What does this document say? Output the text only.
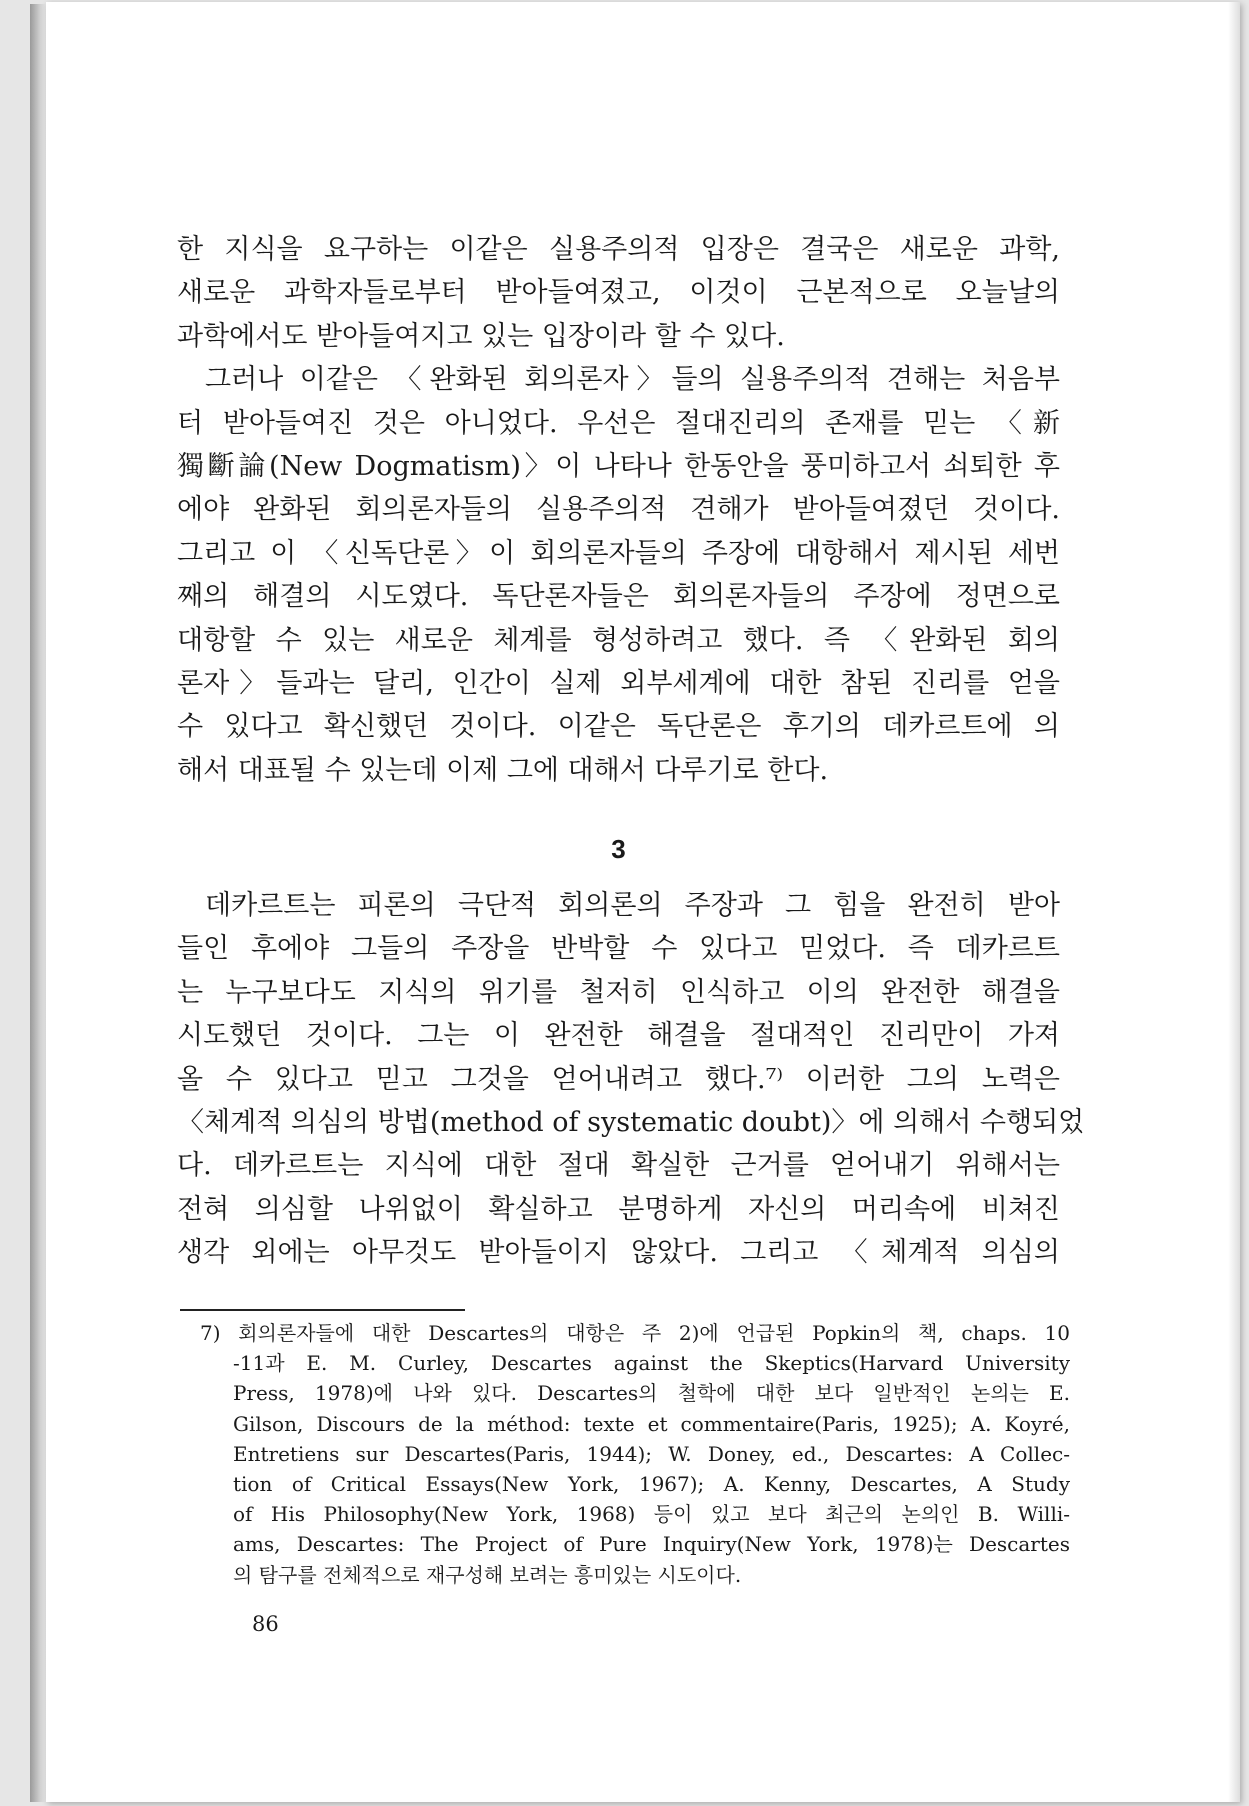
한 지식을 요구하는 이같은 실용주의적 입장은 결국은 새로운 과학,
새로운 과학자들로부터 받아들여졌고, 이것이 근본적으로 오늘날의
과학에서도 받아들여지고 있는 입장이라 할 수 있다.
그러나 이같은 〈완화된 회의론자〉들의 실용주의적 견해는 처음부
터 받아들여진 것은 아니었다. 우선은 절대진리의 존재를 믿는 〈新
獨斷論(New Dogmatism)〉이 나타나 한동안을 풍미하고서 쇠퇴한 후
에야 완화된 회의론자들의 실용주의적 견해가 받아들여졌던 것이다.
그리고 이 〈신독단론〉이 회의론자들의 주장에 대항해서 제시된 세번
째의 해결의 시도였다. 독단론자들은 회의론자들의 주장에 정면으로
대항할 수 있는 새로운 체계를 형성하려고 했다. 즉 〈완화된 회의
론자〉들과는 달리, 인간이 실제 외부세계에 대한 참된 진리를 얻을
수 있다고 확신했던 것이다. 이같은 독단론은 후기의 데카르트에 의
해서 대표될 수 있는데 이제 그에 대해서 다루기로 한다.
3
데카르트는 피론의 극단적 회의론의 주장과 그 힘을 완전히 받아
들인 후에야 그들의 주장을 반박할 수 있다고 믿었다. 즉 데카르트
는 누구보다도 지식의 위기를 철저히 인식하고 이의 완전한 해결을
시도했던 것이다. 그는 이 완전한 해결을 절대적인 진리만이 가져
올 수 있다고 믿고 그것을 얻어내려고 했다.⁷⁾ 이러한 그의 노력은
〈체계적 의심의 방법(method of systematic doubt)〉에 의해서 수행되었
다. 데카르트는 지식에 대한 절대 확실한 근거를 얻어내기 위해서는
전혀 의심할 나위없이 확실하고 분명하게 자신의 머리속에 비쳐진
생각 외에는 아무것도 받아들이지 않았다. 그리고 〈체계적 의심의
7) 회의론자들에 대한 Descartes의 대항은 주 2)에 언급된 Popkin의 책, chaps. 10
-11과 E. M. Curley, Descartes against the Skeptics(Harvard University
Press, 1978)에 나와 있다. Descartes의 철학에 대한 보다 일반적인 논의는 E.
Gilson, Discours de la méthod: texte et commentaire(Paris, 1925); A. Koyré,
Entretiens sur Descartes(Paris, 1944); W. Doney, ed., Descartes: A Collec-
tion of Critical Essays(New York, 1967); A. Kenny, Descartes, A Study
of His Philosophy(New York, 1968) 등이 있고 보다 최근의 논의인 B. Willi-
ams, Descartes: The Project of Pure Inquiry(New York, 1978)는 Descartes
의 탐구를 전체적으로 재구성해 보려는 흥미있는 시도이다.
86
